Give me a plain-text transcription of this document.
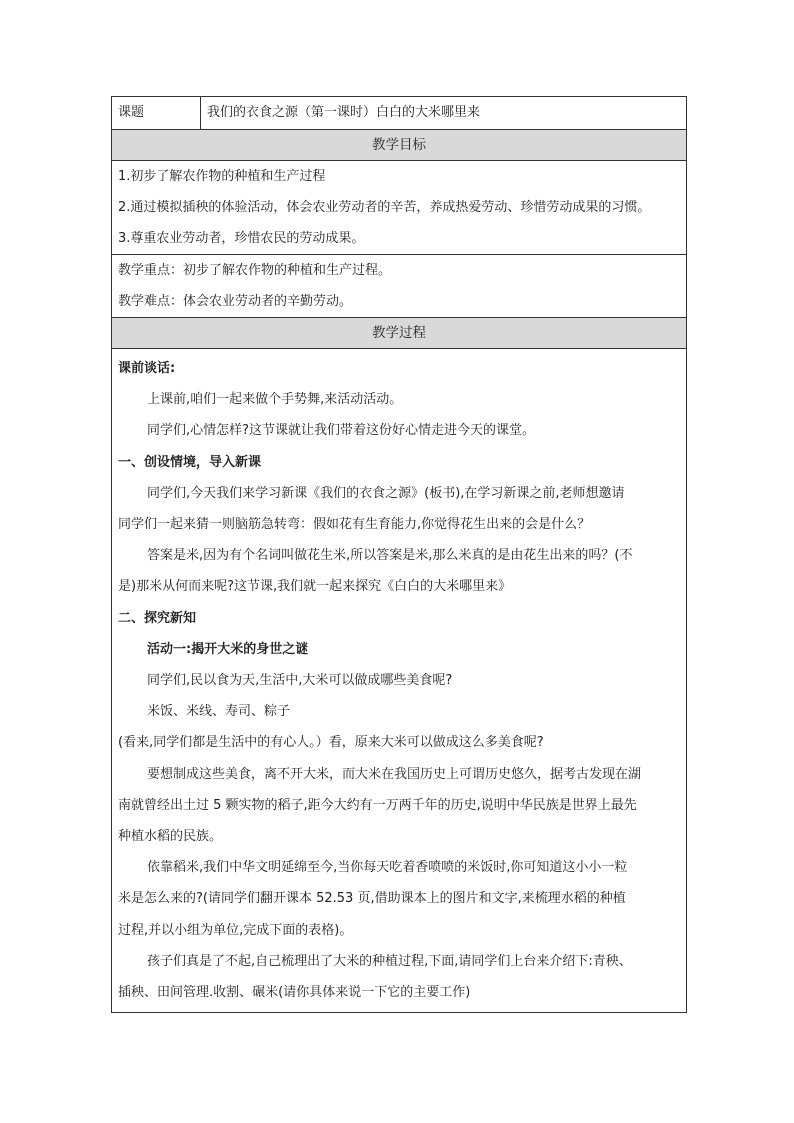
课题	我们的衣食之源（第一课时）白白的大米哪里来
教学目标

1.初步了解农作物的种植和生产过程

2.通过模拟插秧的体验活动，体会农业劳动者的辛苦，养成热爱劳动、珍惜劳动成果的习惯。

3.尊重农业劳动者，珍惜农民的劳动成果。

教学重点：初步了解农作物的种植和生产过程。

教学难点：体会农业劳动者的辛勤劳动。

教学过程

课前谈话:

上课前,咱们一起来做个手势舞,来活动活动。

同学们,心情怎样?这节课就让我们带着这份好心情走进今天的课堂。

一、创设情境，导入新课

同学们,今天我们来学习新课《我们的衣食之源》(板书),在学习新课之前,老师想邀请

同学们一起来猜一则脑筋急转弯：假如花有生育能力,你觉得花生出来的会是什么？

答案是米,因为有个名词叫做花生米,所以答案是米,那么米真的是由花生出来的吗？(不

是)那米从何而来呢?这节课,我们就一起来探究《白白的大米哪里来》

二、探究新知

活动一:揭开大米的身世之谜

同学们,民以食为天,生活中,大米可以做成哪些美食呢?

米饭、米线、寿司、粽子

(看来,同学们都是生活中的有心人。）看，原来大米可以做成这么多美食呢?

要想制成这些美食，离不开大米，而大米在我国历史上可谓历史悠久，据考古发现在湖

南就曾经出土过 5 颗实物的稻子,距今大约有一万两千年的历史,说明中华民族是世界上最先

种植水稻的民族。

依靠稻米,我们中华文明延绵至今,当你每天吃着香喷喷的米饭时,你可知道这小小一粒

米是怎么来的?(请同学们翻开课本 52.53 页,借助课本上的图片和文字,来梳理水稻的种植

过程,并以小组为单位,完成下面的表格)。

孩子们真是了不起,自己梳理出了大米的种植过程,下面,请同学们上台来介绍下:青秧、

插秧、田间管理.收割、碾米(请你具体来说一下它的主要工作)
